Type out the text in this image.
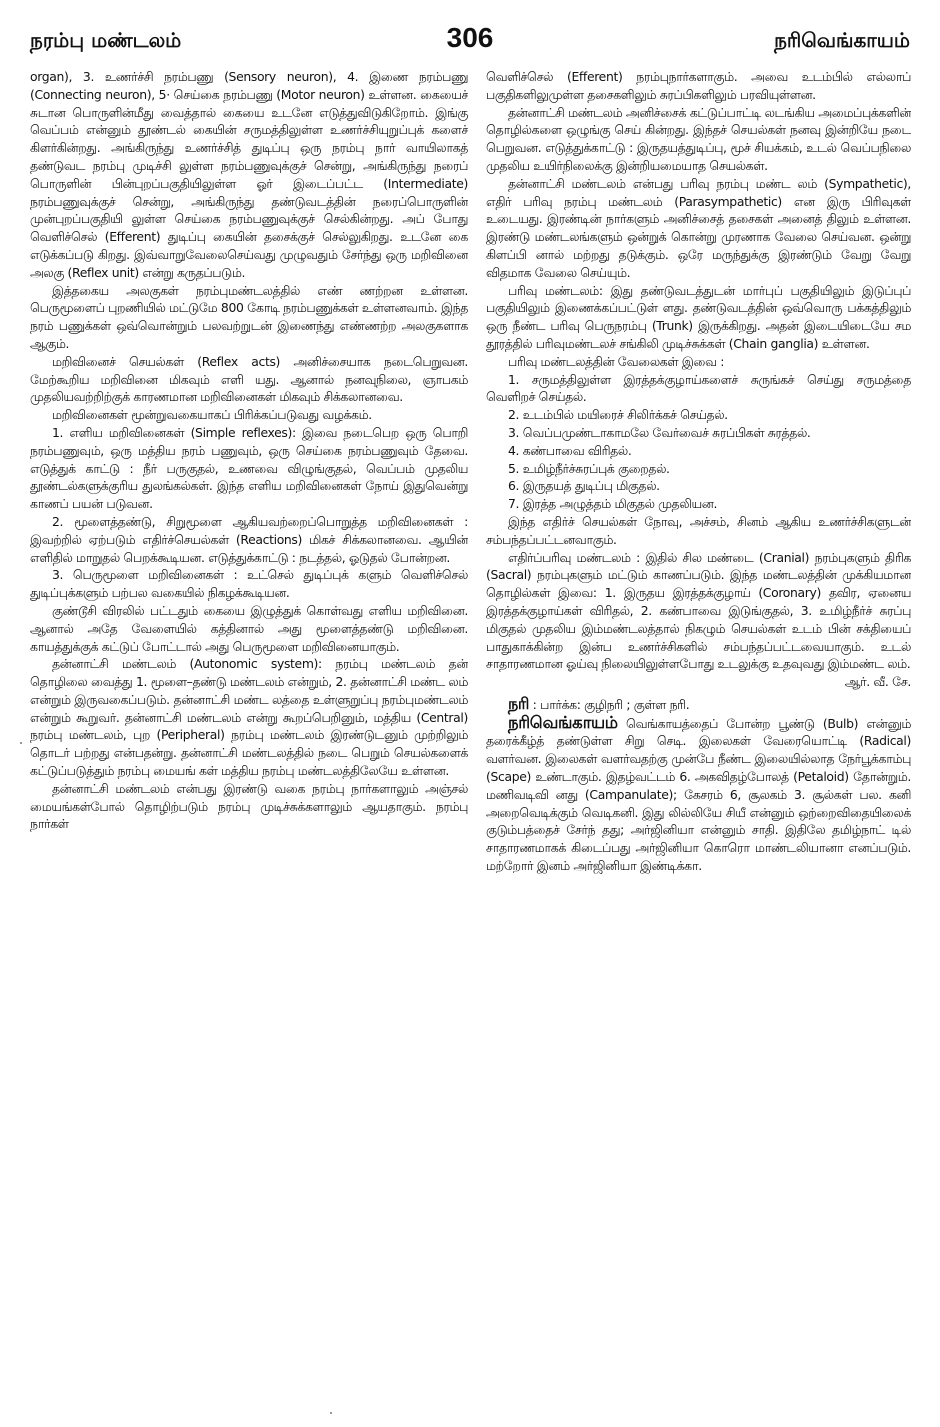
நரம்பு மண்டலம்	306	நரிவெங்காயம்

organ), 3. உணர்ச்சி நரம்பணு (Sensory neuron), 4. இணை நரம்பணு (Connecting neuron), 5· செய்கை நரம்பணு (Motor neuron) உள்ளன. கையைச் சுடான பொருளின்மீது வைத்தால் கையை உடனே எடுத்துவிடுகிறோம். இங்கு வெப்பம் என்னும் தூண்டல் கையின் சருமத்திலுள்ள உணர்ச்சியுறுப்புக் களைச் கிளர்கின்றது. அங்கிருந்து உணர்ச்சித் துடிப்பு ஒரு நரம்பு நார் வாயிலாகத் தண்டுவட நரம்பு முடிச்சி லுள்ள நரம்பணுவுக்குச் சென்று, அங்கிருந்து நரைப் பொருளின் பின்புறப்பகுதியிலுள்ள ஓர் இடைப்பட்ட (Intermediate) நரம்பணுவுக்குச் சென்று, அங்கிருந்து தண்டுவடத்தின் நரைப்பொருளின் முன்புறப்பகுதியி லுள்ள செய்கை நரம்பணுவுக்குச் செல்கின்றது. அப் போது வெளிச்செல் (Efferent) துடிப்பு கையின் தசைக்குச் செல்லுகிறது. உடனே கை எடுக்கப்படு கிறது. இவ்வாறுவேலைசெய்வது முழுவதும் சேர்ந்து ஒரு மறிவினை அலகு (Reflex unit) என்று கருதப்படும்.

இத்தகைய அலகுகள் நரம்புமண்டலத்தில் எண் ணற்றன உள்ளன. பெருமூளைப் புறணியில் மட்டுமே 800 கோடி நரம்பணுக்கள் உள்ளனவாம். இந்த நரம் பணுக்கள் ஒவ்வொன்றும் பலவற்றுடன் இணைந்து எண்ணற்ற அலகுகளாக ஆகும்.

மறிவினைச் செயல்கள் (Reflex acts) அனிச்சையாக நடைபெறுவன. மேற்கூறிய மறிவினை மிகவும் எளி யது. ஆனால் நனவுநிலை, ஞாபகம் முதலியவற்றிற்குக் காரணமான மறிவினைகள் மிகவும் சிக்கலானவை.

மறிவினைகள் மூன்றுவகையாகப் பிரிக்கப்படுவது வழக்கம்.

1. எளிய மறிவினைகள் (Simple reflexes): இவை நடைபெற ஒரு பொறி நரம்பணுவும், ஒரு மத்திய நரம் பணுவும், ஒரு செய்கை நரம்பணுவும் தேவை. எடுத்துக் காட்டு : நீர் பருகுதல், உணவை விழுங்குதல், வெப்பம் முதலிய தூண்டல்களுக்குரிய துலங்கல்கள். இந்த எளிய மறிவினைகள் நோய் இதுவென்று காணப் பயன் படுவன.

2. மூளைத்தண்டு, சிறுமூளை ஆகியவற்றைப்பொறுத்த மறிவினைகள் : இவற்றில் ஏற்படும் எதிர்ச்செயல்கள் (Reactions) மிகச் சிக்கலானவை. ஆயின் எளிதில் மாறுதல் பெறக்கூடியன. எடுத்துக்காட்டு : நடத்தல், ஓடுதல் போன்றன.

3. பெருமூளை மறிவினைகள் : உட்செல் துடிப்புக் களும் வெளிச்செல் துடிப்புக்களும் பற்பல வகையில் நிகழக்கூடியன.

குண்டூசி விரலில் பட்டதும் கையை இழுத்துக் கொள்வது எளிய மறிவினை. ஆனால் அதே வேளையில் கத்தினால் அது மூளைத்தண்டு மறிவினை. காயத்துக்குக் கட்டுப் போட்டால் அது பெருமூளை மறிவினையாகும்.

தன்னாட்சி மண்டலம் (Autonomic system): நரம்பு மண்டலம் தன் தொழிலை வைத்து 1. மூளை–தண்டு மண்டலம் என்றும், 2. தன்னாட்சி மண்ட லம் என்றும் இருவகைப்படும். தன்னாட்சி மண்ட லத்தை உள்ளுறுப்பு நரம்புமண்டலம் என்றும் கூறுவர். தன்னாட்சி மண்டலம் என்று கூறப்பெறினும், மத்திய (Central) நரம்பு மண்டலம், புற (Peripheral) நரம்பு மண்டலம் இரண்டுடனும் முற்றிலும் தொடர் பற்றது என்பதன்று. தன்னாட்சி மண்டலத்தில் நடை பெறும் செயல்களைக் கட்டுப்படுத்தும் நரம்பு மையங் கள் மத்திய நரம்பு மண்டலத்திலேயே உள்ளன.

தன்னாட்சி மண்டலம் என்பது இரண்டு வகை நரம்பு நார்களாலும் அஞ்சல் மையங்கள்போல் தொழிற்படும் நரம்பு முடிச்சுக்களாலும் ஆயதாகும். நரம்பு நார்கள்

வெளிச்செல் (Efferent) நரம்புநார்களாகும். அவை உடம்பில் எல்லாப் பகுதிகளிலுமுள்ள தசைகளிலும் சுரப்பிகளிலும் பரவியுள்ளன.

தன்னாட்சி மண்டலம் அனிச்சைக் கட்டுப்பாட்டி லடங்கிய அமைப்புக்களின் தொழில்களை ஒழுங்கு செய் கின்றது. இந்தச் செயல்கள் நனவு இன்றியே நடை பெறுவன. எடுத்துக்காட்டு : இருதயத்துடிப்பு, மூச் சியக்கம், உடல் வெப்பநிலை முதலிய உயிர்நிலைக்கு இன்றியமையாத செயல்கள்.

தன்னாட்சி மண்டலம் என்பது பரிவு நரம்பு மண்ட லம் (Sympathetic), எதிர் பரிவு நரம்பு மண்டலம் (Parasympathetic) என இரு பிரிவுகள் உடையது. இரண்டின் நார்களும் அனிச்சைத் தசைகள் அனைத் திலும் உள்ளன. இரண்டு மண்டலங்களும் ஒன்றுக் கொன்று முரணாக வேலை செய்வன. ஒன்று கிளப்பி னால் மற்றது தடுக்கும். ஒரே மருந்துக்கு இரண்டும் வேறு வேறு விதமாக வேலை செய்யும்.

பரிவு மண்டலம்: இது தண்டுவடத்துடன் மார்புப் பகுதியிலும் இடுப்புப் பகுதியிலும் இணைக்கப்பட்டுள் ளது. தண்டுவடத்தின் ஒவ்வொரு பக்கத்திலும் ஒரு நீண்ட பரிவு பெருநரம்பு (Trunk) இருக்கிறது. அதன் இடையிடையே சம தூரத்தில் பரிவுமண்டலச் சங்கிலி முடிச்சுக்கள் (Chain ganglia) உள்ளன.

பரிவு மண்டலத்தின் வேலைகள் இவை :

1. சருமத்திலுள்ள இரத்தக்குழாய்களைச் சுருங்கச் செய்து சருமத்தை வெளிறச் செய்தல்.

2. உடம்பில் மயிரைச் சிலிர்க்கச் செய்தல்.

3. வெப்பமுண்டாகாமலே வேர்வைச் சுரப்பிகள் சுரத்தல்.

4. கண்பாவை விரிதல்.

5. உமிழ்நீர்ச்சுரப்புக் குறைதல்.

6. இருதயத் துடிப்பு மிகுதல்.

7. இரத்த அழுத்தம் மிகுதல் முதலியன.

இந்த எதிர்ச் செயல்கள் நோவு, அச்சம், சினம் ஆகிய உணர்ச்சிகளுடன் சம்பந்தப்பட்டனவாகும்.

எதிர்ப்பரிவு மண்டலம் : இதில் சில மண்டை (Cranial) நரம்புகளும் திரிக (Sacral) நரம்புகளும் மட்டும் காணப்படும். இந்த மண்டலத்தின் முக்கியமான தொழில்கள் இவை: 1. இருதய இரத்தக்குழாய் (Coronary) தவிர, ஏனைய இரத்தக்குழாய்கள் விரிதல், 2. கண்பாவை இடுங்குதல், 3. உமிழ்நீர்ச் சுரப்பு மிகுதல் முதலிய இம்மண்டலத்தால் நிகழும் செயல்கள் உடம் பின் சக்தியைப் பாதுகாக்கின்ற இன்ப உணர்ச்சிகளில் சம்பந்தப்பட்டவையாகும். உடல் சாதாரணமான ஓய்வு நிலையிலுள்ளபோது உடலுக்கு உதவுவது இம்மண்ட லம்.

ஆர். வீ. சே.

நரி : பார்க்க: குழிநரி ; குள்ள நரி.

நரிவெங்காயம் வெங்காயத்தைப் போன்ற பூண்டு (Bulb) என்னும் தரைக்கீழ்த் தண்டுள்ள சிறு செடி. இலைகள் வேரையொட்டி (Radical) வளர்வன. இலைகள் வளர்வதற்கு முன்பே நீண்ட இலையில்லாத நேர்பூக்காம்பு (Scape) உண்டாகும். இதழ்வட்டம் 6. அகவிதழ்போலத் (Petaloid) தோன்றும். மணிவடிவி னது (Campanulate); கேசரம் 6, சூலகம் 3. சூல்கள் பல. கனி அறைவெடிக்கும் வெடிகனி. இது லில்லியே சியீ என்னும் ஒற்றைவிதையிலைக் குடும்பத்தைச் சேர்ந் தது; அர்ஜினியா என்னும் சாதி. இதிலே தமிழ்நாட் டில் சாதாரணமாகக் கிடைப்பது அர்ஜினியா கொரொ மாண்டலியானா எனப்படும். மற்றோர் இனம் அர்ஜினியா இண்டிக்கா.
